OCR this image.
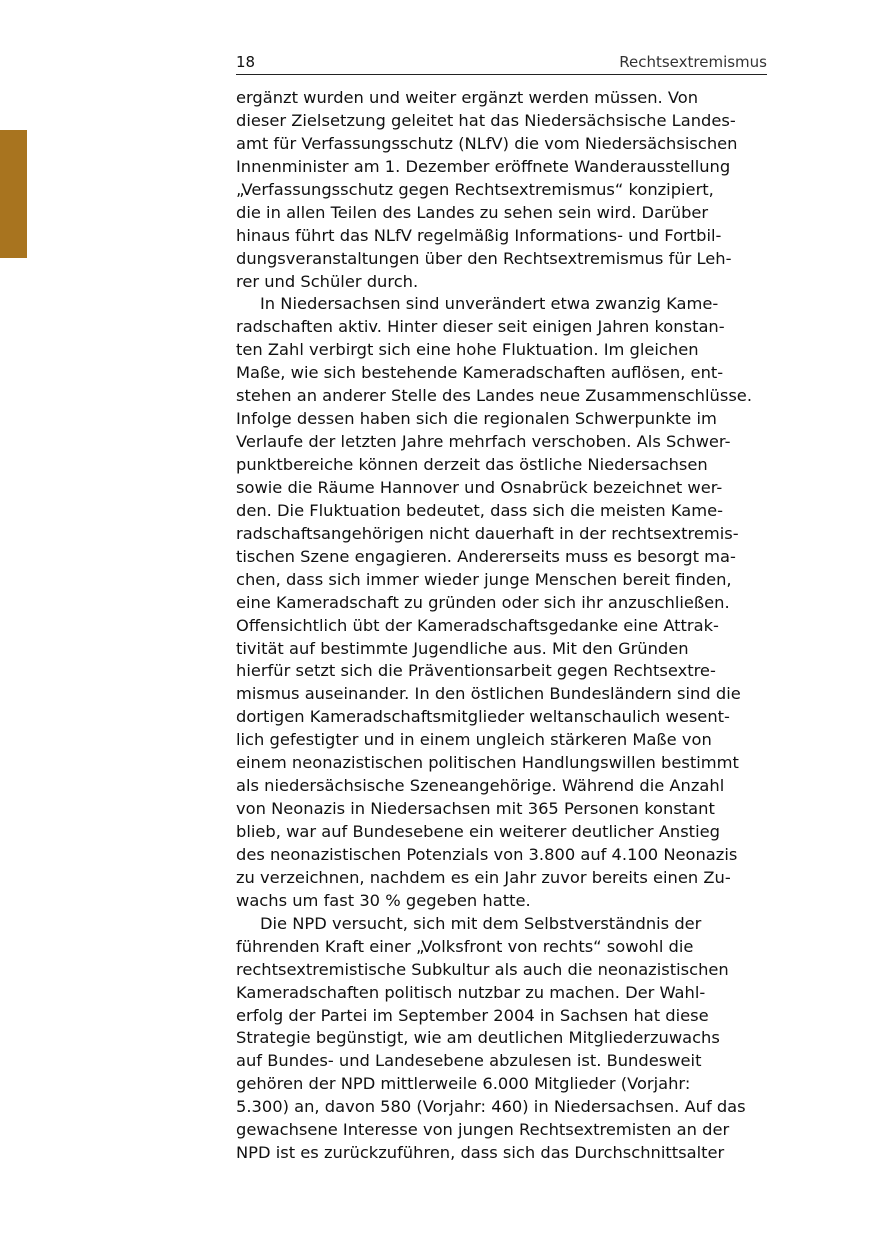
18	Rechtsextremismus
ergänzt wurden und weiter ergänzt werden müssen. Von
dieser Zielsetzung geleitet hat das Niedersächsische Landes-
amt für Verfassungsschutz (NLfV) die vom Niedersächsischen
Innenminister am 1. Dezember eröffnete Wanderausstellung
„Verfassungsschutz gegen Rechtsextremismus“ konzipiert,
die in allen Teilen des Landes zu sehen sein wird. Darüber
hinaus führt das NLfV regelmäßig Informations- und Fortbil-
dungsveranstaltungen über den Rechtsextremismus für Leh-
rer und Schüler durch.
In Niedersachsen sind unverändert etwa zwanzig Kame-
radschaften aktiv. Hinter dieser seit einigen Jahren konstan-
ten Zahl verbirgt sich eine hohe Fluktuation. Im gleichen
Maße, wie sich bestehende Kameradschaften auflösen, ent-
stehen an anderer Stelle des Landes neue Zusammenschlüsse.
Infolge dessen haben sich die regionalen Schwerpunkte im
Verlaufe der letzten Jahre mehrfach verschoben. Als Schwer-
punktbereiche können derzeit das östliche Niedersachsen
sowie die Räume Hannover und Osnabrück bezeichnet wer-
den. Die Fluktuation bedeutet, dass sich die meisten Kame-
radschaftsangehörigen nicht dauerhaft in der rechtsextremis-
tischen Szene engagieren. Andererseits muss es besorgt ma-
chen, dass sich immer wieder junge Menschen bereit finden,
eine Kameradschaft zu gründen oder sich ihr anzuschließen.
Offensichtlich übt der Kameradschaftsgedanke eine Attrak-
tivität auf bestimmte Jugendliche aus. Mit den Gründen
hierfür setzt sich die Präventionsarbeit gegen Rechtsextre-
mismus auseinander. In den östlichen Bundesländern sind die
dortigen Kameradschaftsmitglieder weltanschaulich wesent-
lich gefestigter und in einem ungleich stärkeren Maße von
einem neonazistischen politischen Handlungswillen bestimmt
als niedersächsische Szeneangehörige. Während die Anzahl
von Neonazis in Niedersachsen mit 365 Personen konstant
blieb, war auf Bundesebene ein weiterer deutlicher Anstieg
des neonazistischen Potenzials von 3.800 auf 4.100 Neonazis
zu verzeichnen, nachdem es ein Jahr zuvor bereits einen Zu-
wachs um fast 30 % gegeben hatte.
Die NPD versucht, sich mit dem Selbstverständnis der
führenden Kraft einer „Volksfront von rechts“ sowohl die
rechtsextremistische Subkultur als auch die neonazistischen
Kameradschaften politisch nutzbar zu machen. Der Wahl-
erfolg der Partei im September 2004 in Sachsen hat diese
Strategie begünstigt, wie am deutlichen Mitgliederzuwachs
auf Bundes- und Landesebene abzulesen ist. Bundesweit
gehören der NPD mittlerweile 6.000 Mitglieder (Vorjahr:
5.300) an, davon 580 (Vorjahr: 460) in Niedersachsen. Auf das
gewachsene Interesse von jungen Rechtsextremisten an der
NPD ist es zurückzuführen, dass sich das Durchschnittsalter
